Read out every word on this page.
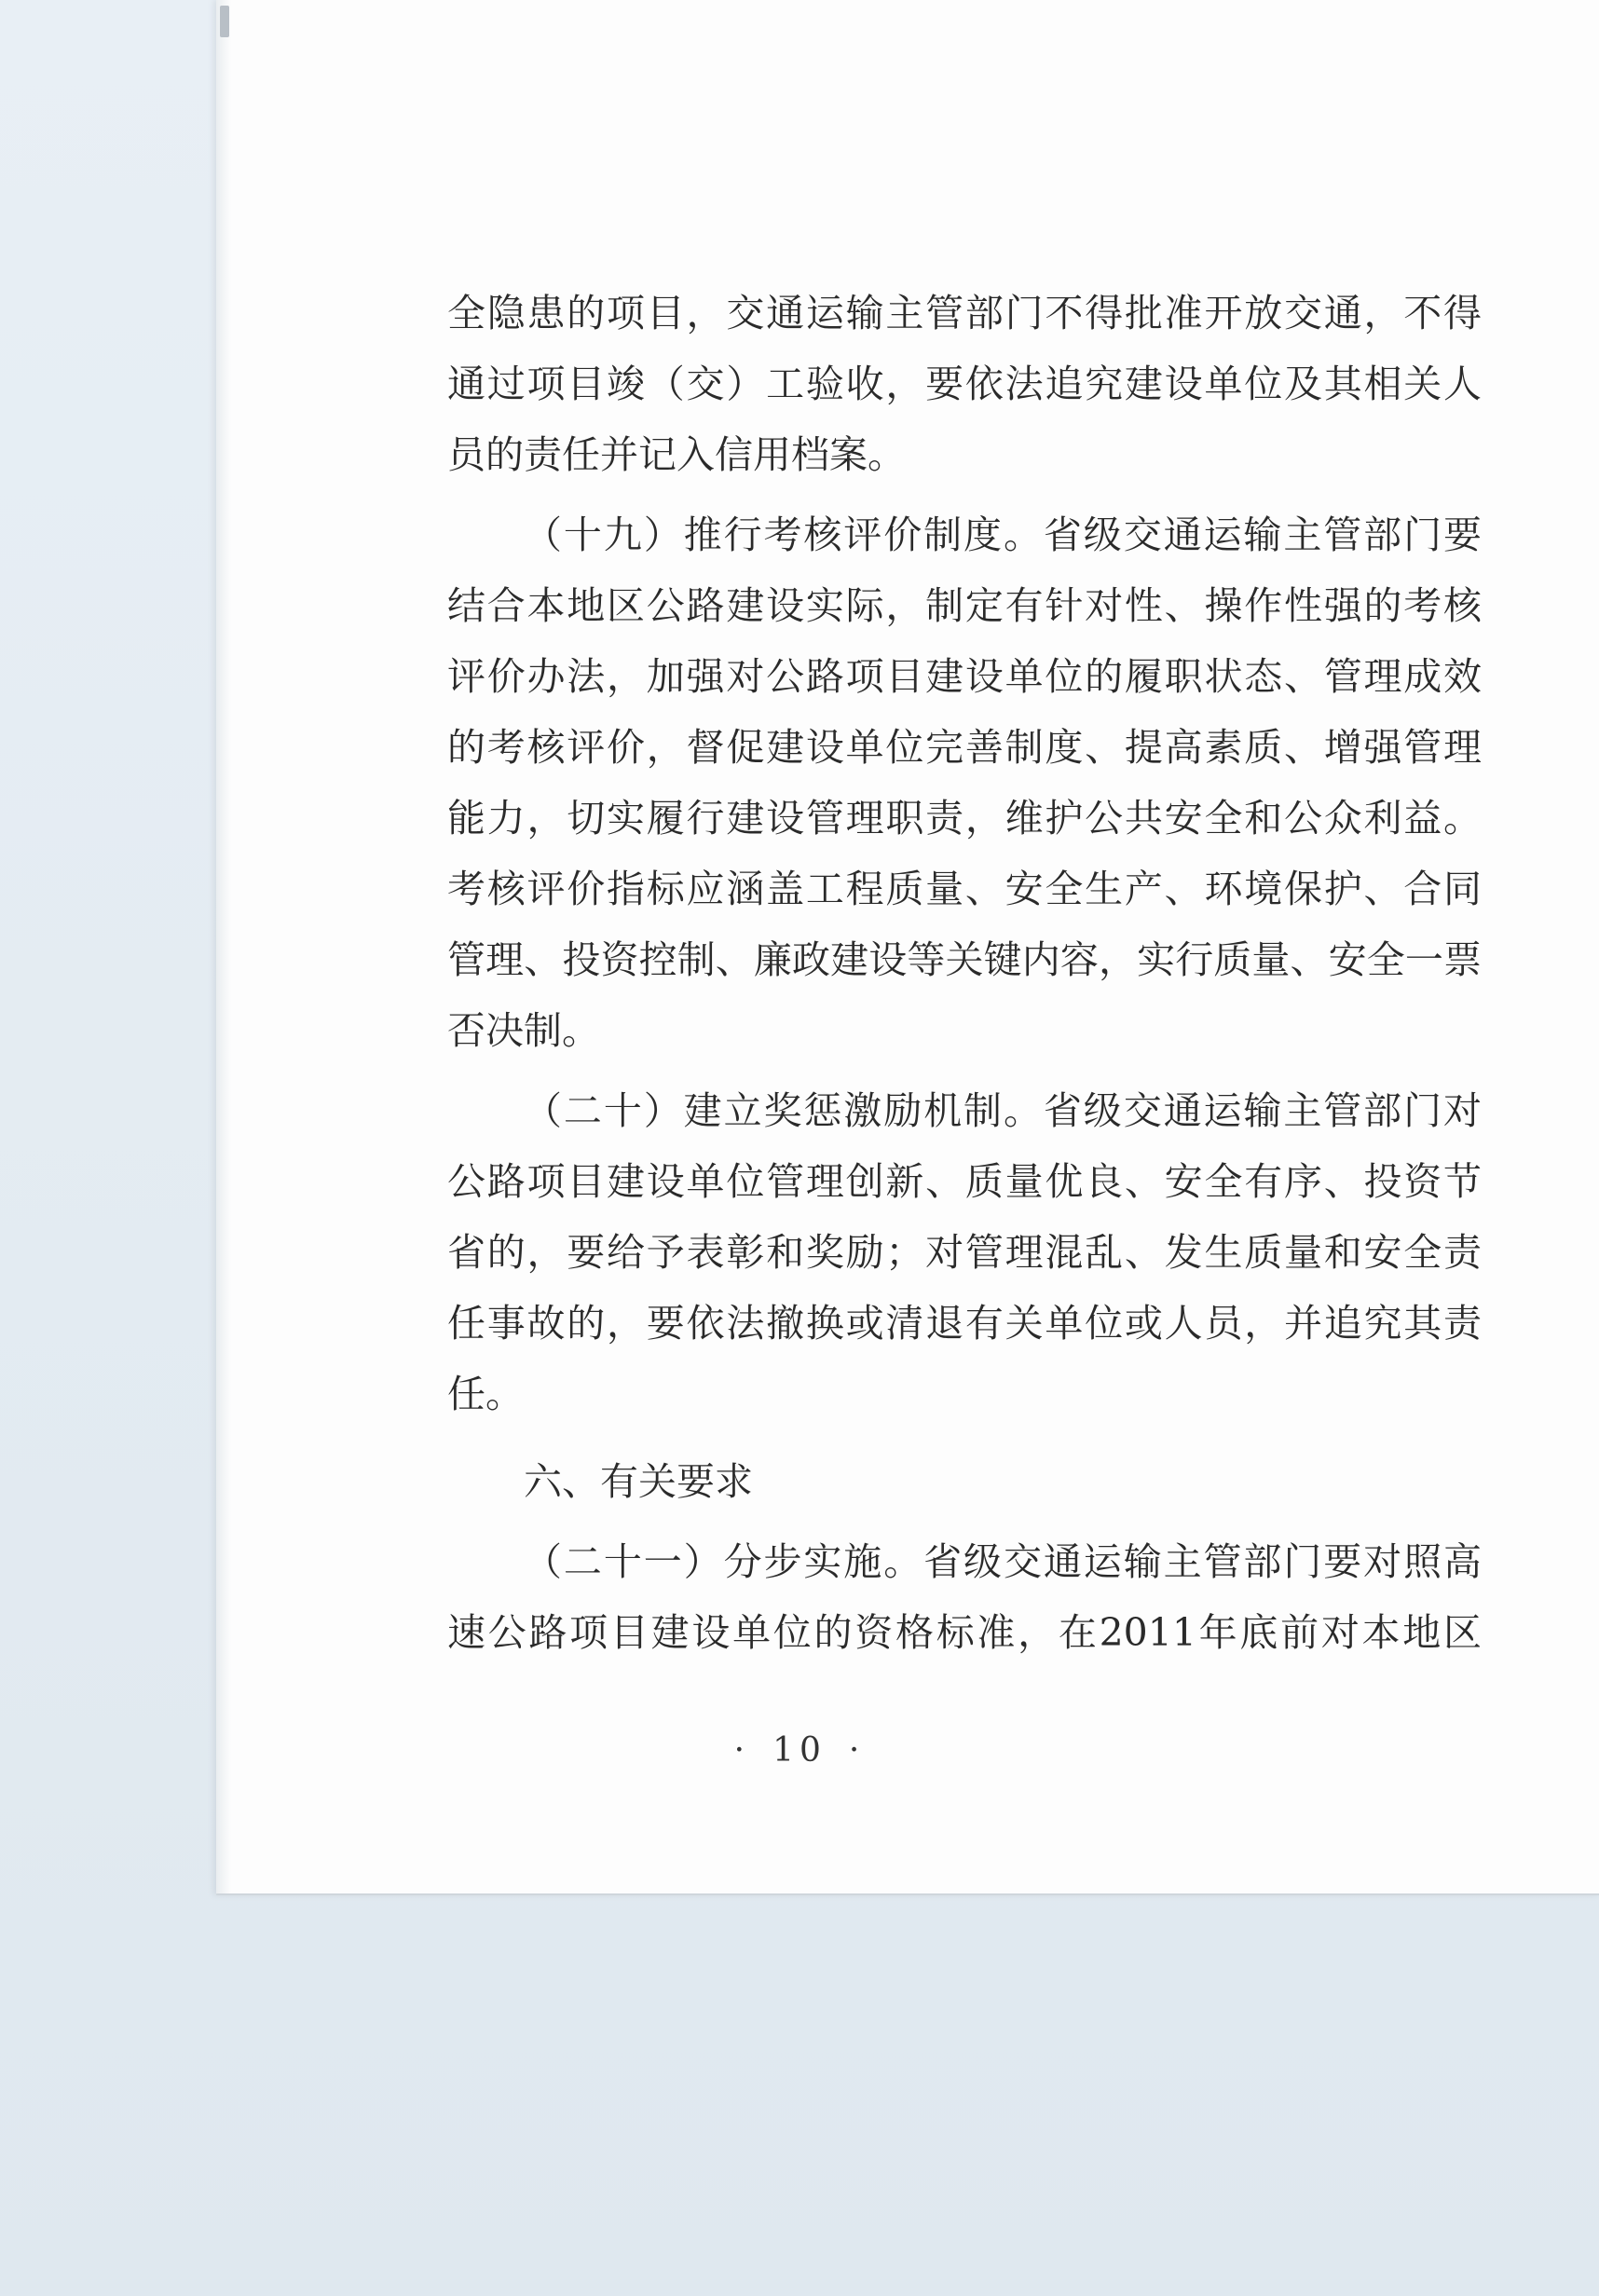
全隐患的项目，交通运输主管部门不得批准开放交通，不得
通过项目竣（交）工验收，要依法追究建设单位及其相关人
员的责任并记入信用档案。
（十九）推行考核评价制度。省级交通运输主管部门要
结合本地区公路建设实际，制定有针对性、操作性强的考核
评价办法，加强对公路项目建设单位的履职状态、管理成效
的考核评价，督促建设单位完善制度、提高素质、增强管理
能力，切实履行建设管理职责，维护公共安全和公众利益。
考核评价指标应涵盖工程质量、安全生产、环境保护、合同
管理、投资控制、廉政建设等关键内容，实行质量、安全一票
否决制。
（二十）建立奖惩激励机制。省级交通运输主管部门对
公路项目建设单位管理创新、质量优良、安全有序、投资节
省的，要给予表彰和奖励；对管理混乱、发生质量和安全责
任事故的，要依法撤换或清退有关单位或人员，并追究其责
任。
六、有关要求
（二十一）分步实施。省级交通运输主管部门要对照高
速公路项目建设单位的资格标准，在2011年底前对本地区
· 10 ·
